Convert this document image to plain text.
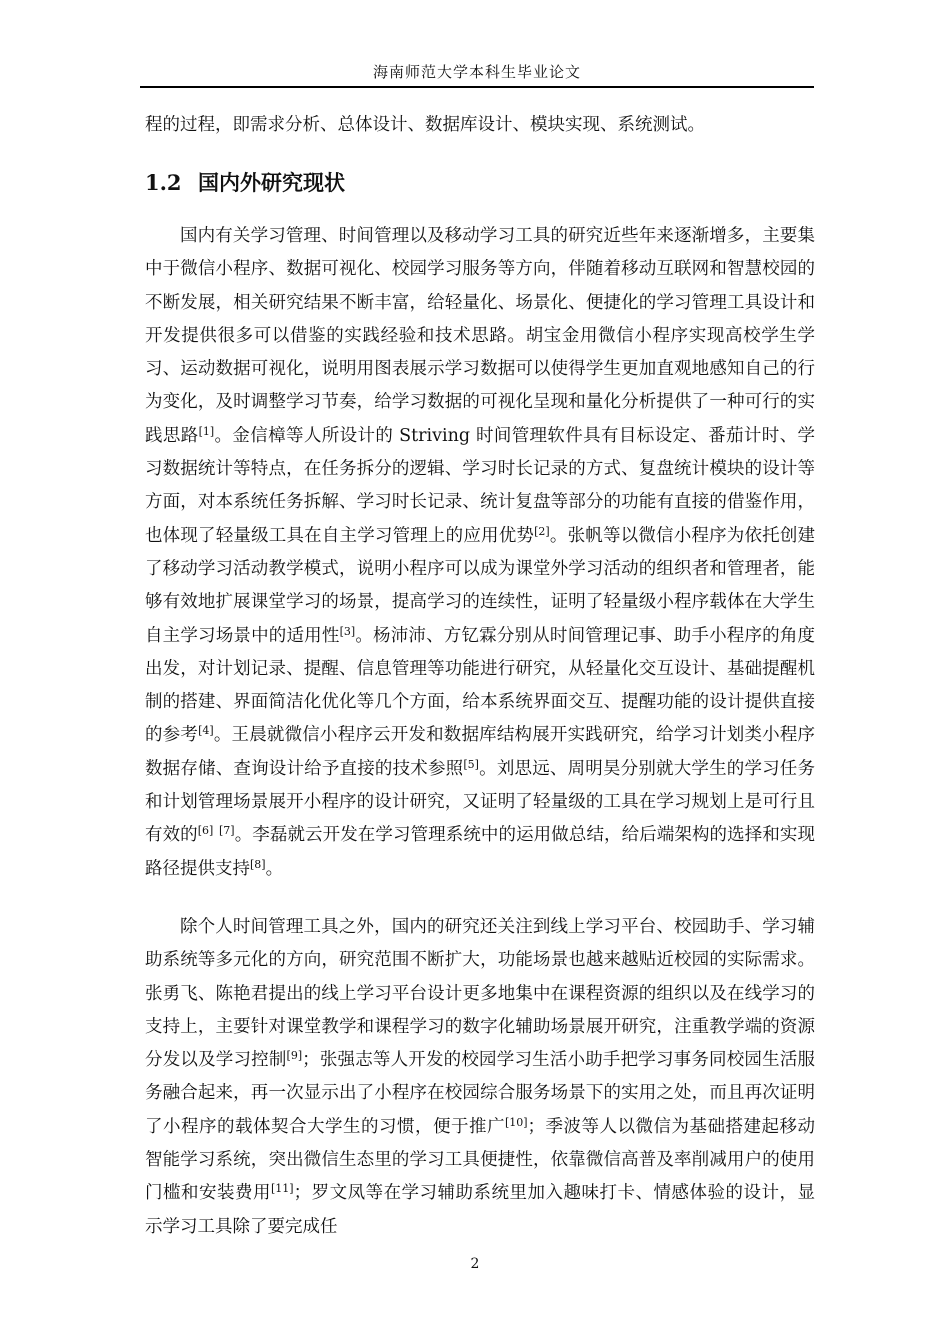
海南师范大学本科生毕业论文
程的过程，即需求分析、总体设计、数据库设计、模块实现、系统测试。
1.2 国内外研究现状
国内有关学习管理、时间管理以及移动学习工具的研究近些年来逐渐增多，主要集中于微信小程序、数据可视化、校园学习服务等方向，伴随着移动互联网和智慧校园的不断发展，相关研究结果不断丰富，给轻量化、场景化、便捷化的学习管理工具设计和开发提供很多可以借鉴的实践经验和技术思路。胡宝金用微信小程序实现高校学生学习、运动数据可视化，说明用图表展示学习数据可以使得学生更加直观地感知自己的行为变化，及时调整学习节奏，给学习数据的可视化呈现和量化分析提供了一种可行的实践思路[1]。金信樟等人所设计的 Striving 时间管理软件具有目标设定、番茄计时、学习数据统计等特点，在任务拆分的逻辑、学习时长记录的方式、复盘统计模块的设计等方面，对本系统任务拆解、学习时长记录、统计复盘等部分的功能有直接的借鉴作用，也体现了轻量级工具在自主学习管理上的应用优势[2]。张帆等以微信小程序为依托创建了移动学习活动教学模式，说明小程序可以成为课堂外学习活动的组织者和管理者，能够有效地扩展课堂学习的场景，提高学习的连续性，证明了轻量级小程序载体在大学生自主学习场景中的适用性[3]。杨沛沛、方钇霖分别从时间管理记事、助手小程序的角度出发，对计划记录、提醒、信息管理等功能进行研究，从轻量化交互设计、基础提醒机制的搭建、界面简洁化优化等几个方面，给本系统界面交互、提醒功能的设计提供直接的参考[4]。王晨就微信小程序云开发和数据库结构展开实践研究，给学习计划类小程序数据存储、查询设计给予直接的技术参照[5]。刘思远、周明昊分别就大学生的学习任务和计划管理场景展开小程序的设计研究，又证明了轻量级的工具在学习规划上是可行且有效的[6] [7]。李磊就云开发在学习管理系统中的运用做总结，给后端架构的选择和实现路径提供支持[8]。
除个人时间管理工具之外，国内的研究还关注到线上学习平台、校园助手、学习辅助系统等多元化的方向，研究范围不断扩大，功能场景也越来越贴近校园的实际需求。张勇飞、陈艳君提出的线上学习平台设计更多地集中在课程资源的组织以及在线学习的支持上，主要针对课堂教学和课程学习的数字化辅助场景展开研究，注重教学端的资源分发以及学习控制[9]；张强志等人开发的校园学习生活小助手把学习事务同校园生活服务融合起来，再一次显示出了小程序在校园综合服务场景下的实用之处，而且再次证明了小程序的载体契合大学生的习惯，便于推广[10]；季波等人以微信为基础搭建起移动智能学习系统，突出微信生态里的学习工具便捷性，依靠微信高普及率削减用户的使用门槛和安装费用[11]；罗文凤等在学习辅助系统里加入趣味打卡、情感体验的设计，显示学习工具除了要完成任
2
